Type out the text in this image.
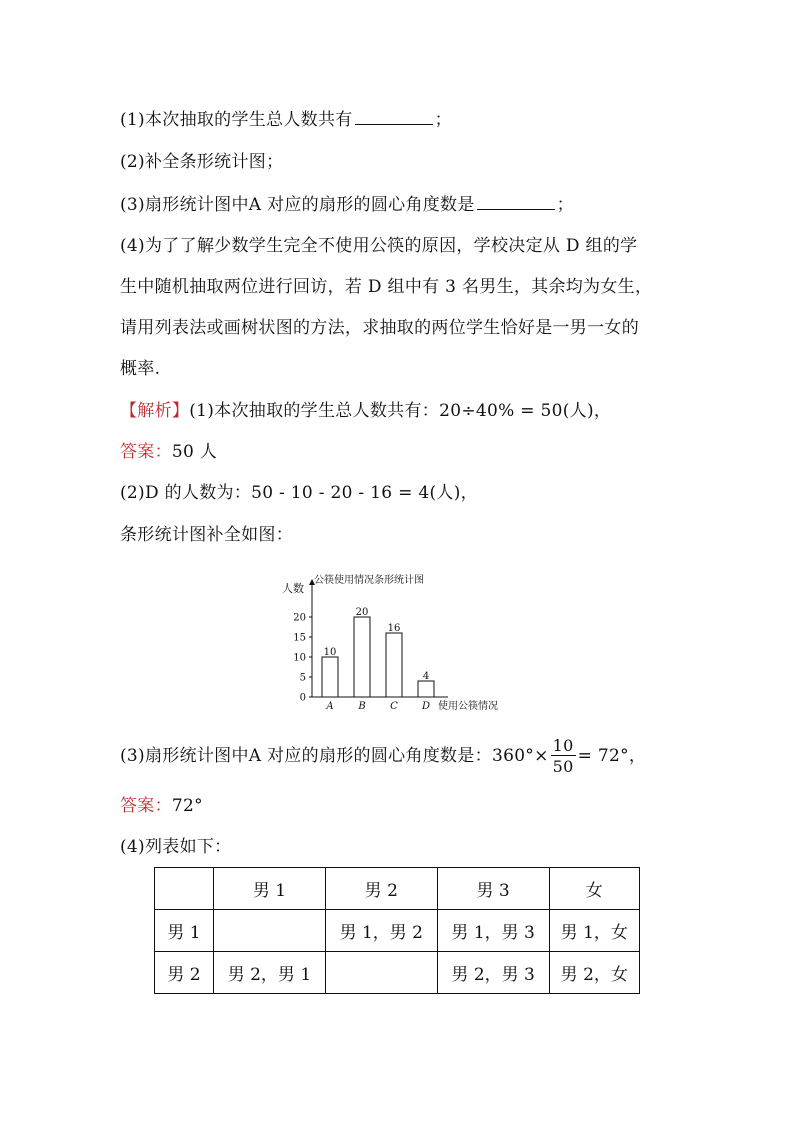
(1)本次抽取的学生总人数共有	；
(2)补全条形统计图；
(3)扇形统计图中A 对应的扇形的圆心角度数是	；
(4)为了了解少数学生完全不使用公筷的原因，学校决定从 D 组的学
生中随机抽取两位进行回访，若 D 组中有 3 名男生，其余均为女生，
请用列表法或画树状图的方法，求抽取的两位学生恰好是一男一女的
概率.
【解析】(1)本次抽取的学生总人数共有：20÷40% = 50(人)，
答案：50 人
(2)D 的人数为：50 - 10 - 20 - 16 = 4(人)，
条形统计图补全如图：
公筷使用情况条形统计图
人数
使用公筷情况
0
5
10
15
20
10
A
20
B
16
C
4
D
(3)扇形统计图中A 对应的扇形的圆心角度数是：$360^\circ\times \frac{10}{50} = 72^\circ$，
答案：72°
(4)列表如下：
	男 1	男 2	男 3	女
男 1		男 1，男 2	男 1，男 3	男 1，女
男 2	男 2，男 1		男 2，男 3	男 2，女
